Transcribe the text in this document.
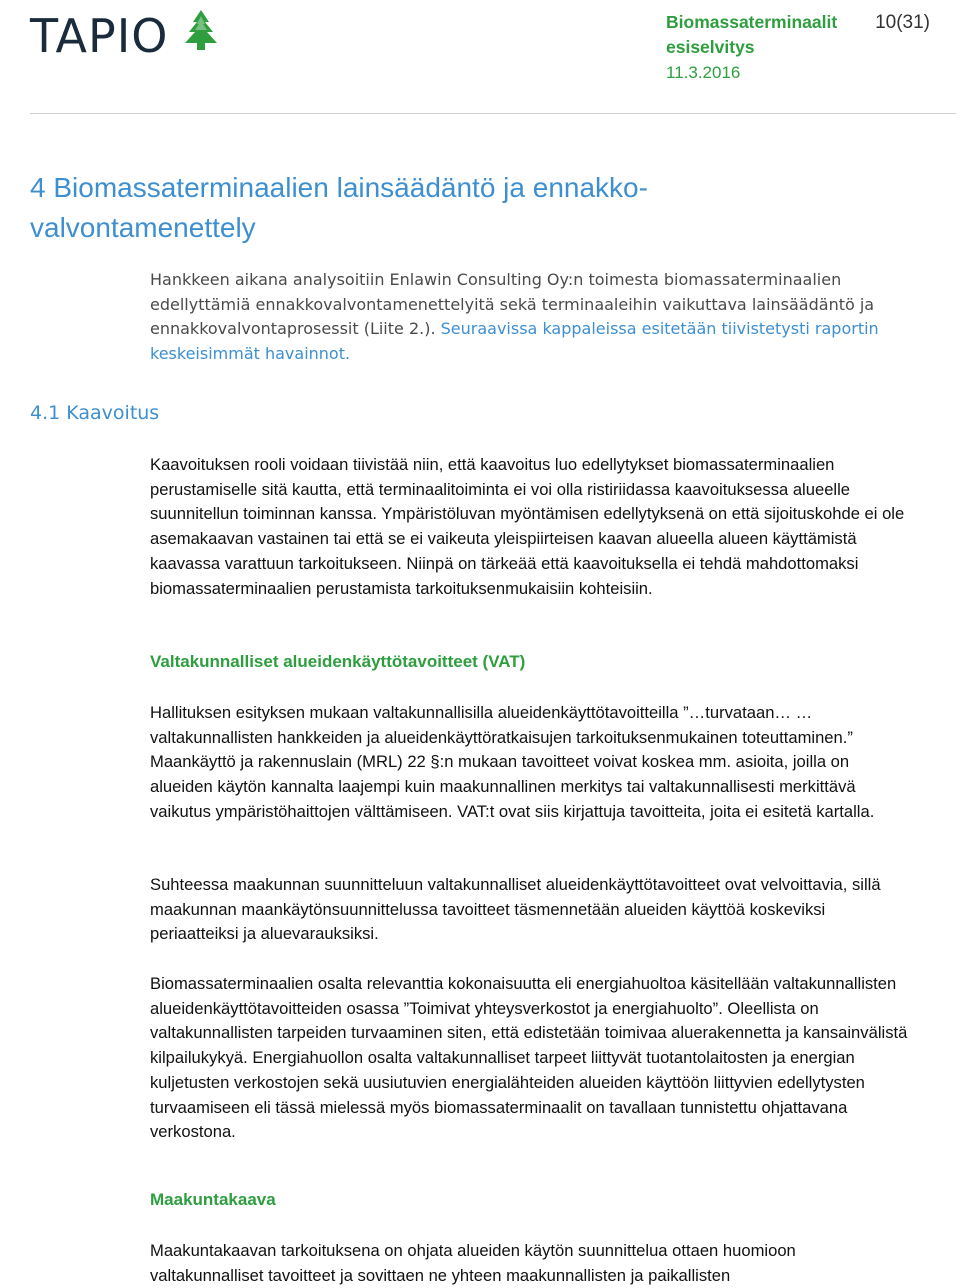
TAPIO	Biomassaterminaalit
esiselvitys
11.3.2016
10(31)
4 Biomassaterminaalien lainsäädäntö ja ennakko-
valvontamenettely

Hankkeen aikana analysoitiin Enlawin Consulting Oy:n toimesta biomassaterminaalien edellyttämiä ennakkovalvontamenettelyitä sekä terminaaleihin vaikuttava lainsäädäntö ja ennakkovalvontaprosessit (Liite 2.). Seuraavissa kappaleissa esitetään tiivistetysti raportin keskeisimmät havainnot.

4.1 Kaavoitus

Kaavoituksen rooli voidaan tiivistää niin, että kaavoitus luo edellytykset biomassaterminaalien perustamiselle sitä kautta, että terminaalitoiminta ei voi olla ristiriidassa kaavoituksessa alueelle suunnitellun toiminnan kanssa. Ympäristöluvan myöntämisen edellytyksenä on että sijoituskohde ei ole asemakaavan vastainen tai että se ei vaikeuta yleispiirteisen kaavan alueella alueen käyttämistä kaavassa varattuun tarkoitukseen. Niinpä on tärkeää että kaavoituksella ei tehdä mahdottomaksi biomassaterminaalien perustamista tarkoituksenmukaisiin kohteisiin.

Valtakunnalliset alueidenkäyttötavoitteet (VAT)

Hallituksen esityksen mukaan valtakunnallisilla alueidenkäyttötavoitteilla ”…turvataan… …valtakunnallisten hankkeiden ja alueidenkäyttöratkaisujen tarkoituksenmukainen toteuttaminen.” Maankäyttö ja rakennuslain (MRL) 22 §:n mukaan tavoitteet voivat koskea mm. asioita, joilla on alueiden käytön kannalta laajempi kuin maakunnallinen merkitys tai valtakunnallisesti merkittävä vaikutus ympäristöhaittojen välttämiseen. VAT:t ovat siis kirjattuja tavoitteita, joita ei esitetä kartalla.

Suhteessa maakunnan suunnitteluun valtakunnalliset alueidenkäyttötavoitteet ovat velvoittavia, sillä maakunnan maankäytönsuunnittelussa tavoitteet täsmennetään alueiden käyttöä koskeviksi periaatteiksi ja aluevarauksiksi.

Biomassaterminaalien osalta relevanttia kokonaisuutta eli energiahuoltoa käsitellään valtakunnallisten alueidenkäyttötavoitteiden osassa ”Toimivat yhteysverkostot ja energiahuolto”. Oleellista on valtakunnallisten tarpeiden turvaaminen siten, että edistetään toimivaa aluerakennetta ja kansainvälistä kilpailukykyä. Energiahuollon osalta valtakunnalliset tarpeet liittyvät tuotantolaitosten ja energian kuljetusten verkostojen sekä uusiutuvien energialähteiden alueiden käyttöön liittyvien edellytysten turvaamiseen eli tässä mielessä myös biomassaterminaalit on tavallaan tunnistettu ohjattavana verkostona.

Maakuntakaava

Maakuntakaavan tarkoituksena on ohjata alueiden käytön suunnittelua ottaen huomioon valtakunnalliset tavoitteet ja sovittaen ne yhteen maakunnallisten ja paikallisten
